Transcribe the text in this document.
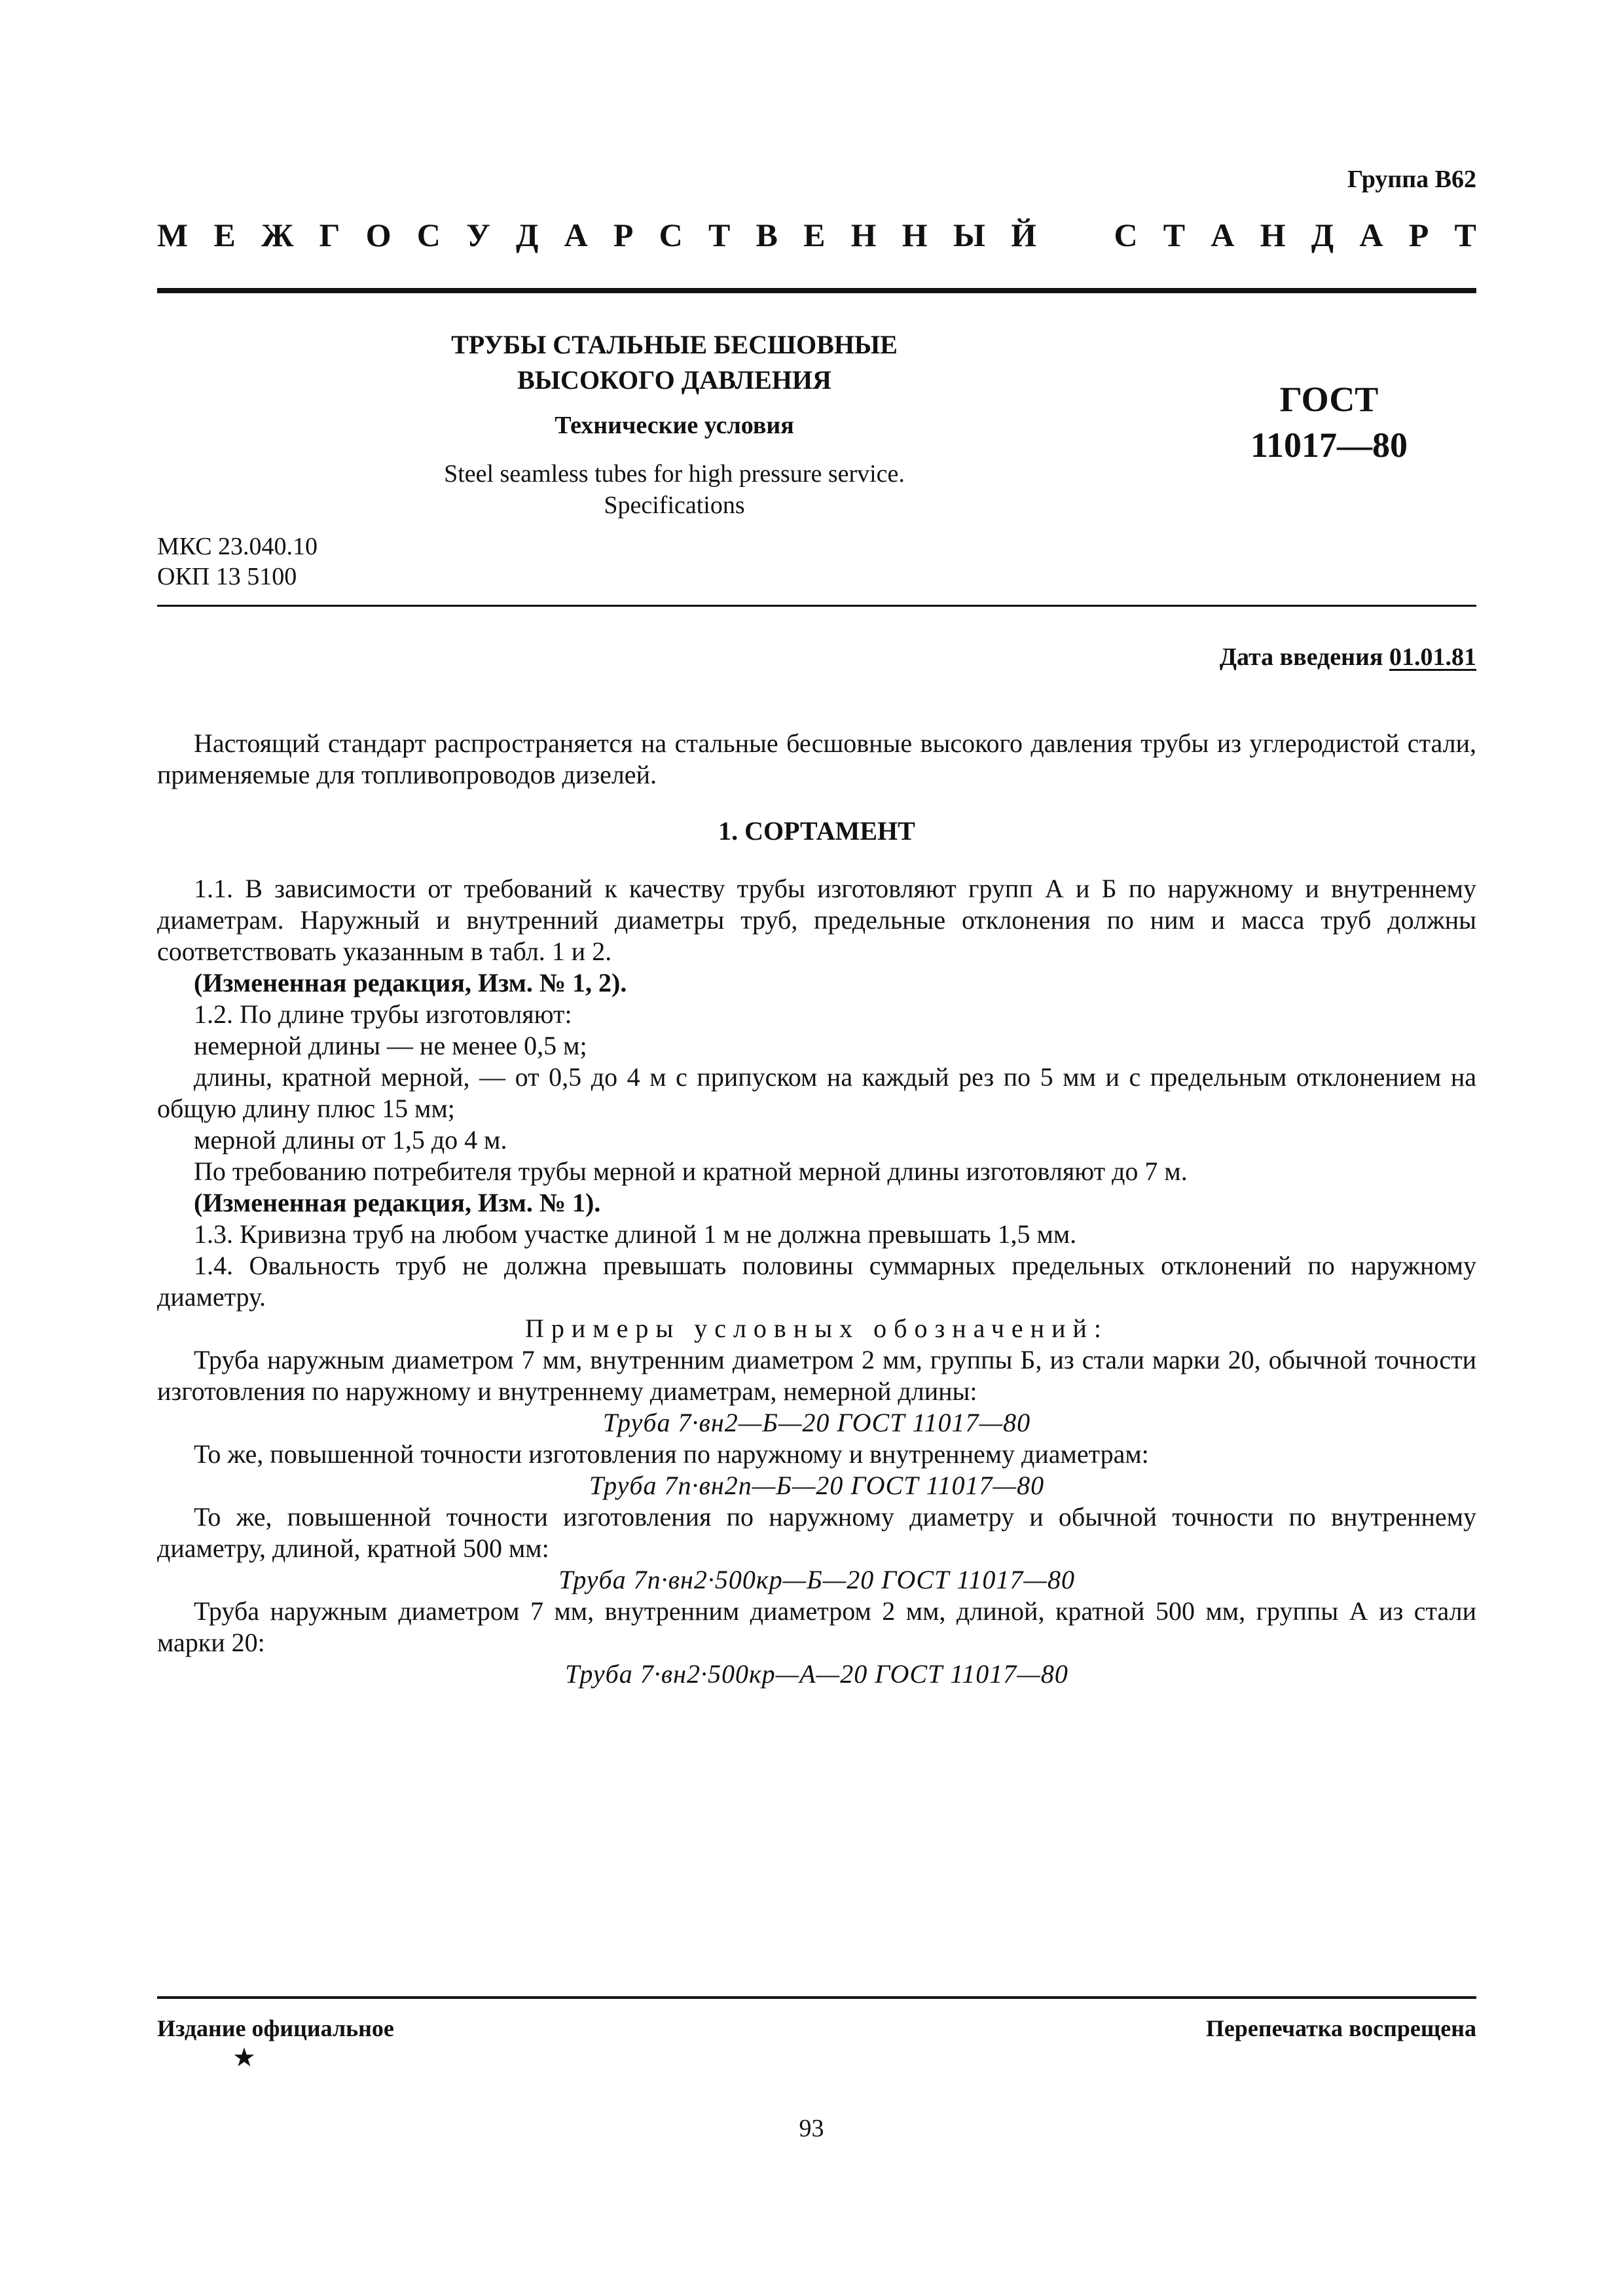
Группа В62
М Е Ж Г О С У Д А Р С Т В Е Н Н Ы Й С Т А Н Д А Р Т
ТРУБЫ СТАЛЬНЫЕ БЕСШОВНЫЕ
ВЫСОКОГО ДАВЛЕНИЯ
Технические условия
Steel seamless tubes for high pressure service.
Specifications
ГОСТ
11017—80
МКС 23.040.10
ОКП 13 5100
Дата введения 01.01.81

Настоящий стандарт распространяется на стальные бесшовные высокого давления трубы из углеродистой стали, применяемые для топливопроводов дизелей.

1. СОРТАМЕНТ

1.1. В зависимости от требований к качеству трубы изготовляют групп А и Б по наружному и внутреннему диаметрам. Наружный и внутренний диаметры труб, предельные отклонения по ним и масса труб должны соответствовать указанным в табл. 1 и 2.

(Измененная редакция, Изм. № 1, 2).

1.2. По длине трубы изготовляют:

немерной длины — не менее 0,5 м;

длины, кратной мерной, — от 0,5 до 4 м с припуском на каждый рез по 5 мм и с предельным отклонением на общую длину плюс 15 мм;

мерной длины от 1,5 до 4 м.

По требованию потребителя трубы мерной и кратной мерной длины изготовляют до 7 м.

(Измененная редакция, Изм. № 1).

1.3. Кривизна труб на любом участке длиной 1 м не должна превышать 1,5 мм.

1.4. Овальность труб не должна превышать половины суммарных предельных отклонений по наружному диаметру.

Примеры условных обозначений:

Труба наружным диаметром 7 мм, внутренним диаметром 2 мм, группы Б, из стали марки 20, обычной точности изготовления по наружному и внутреннему диаметрам, немерной длины:

Труба 7·вн2—Б—20 ГОСТ 11017—80

То же, повышенной точности изготовления по наружному и внутреннему диаметрам:

Труба 7п·вн2п—Б—20 ГОСТ 11017—80

То же, повышенной точности изготовления по наружному диаметру и обычной точности по внутреннему диаметру, длиной, кратной 500 мм:

Труба 7п·вн2·500кр—Б—20 ГОСТ 11017—80

Труба наружным диаметром 7 мм, внутренним диаметром 2 мм, длиной, кратной 500 мм, группы А из стали марки 20:

Труба 7·вн2·500кр—А—20 ГОСТ 11017—80

Издание официальное
★
Перепечатка воспрещена
93
